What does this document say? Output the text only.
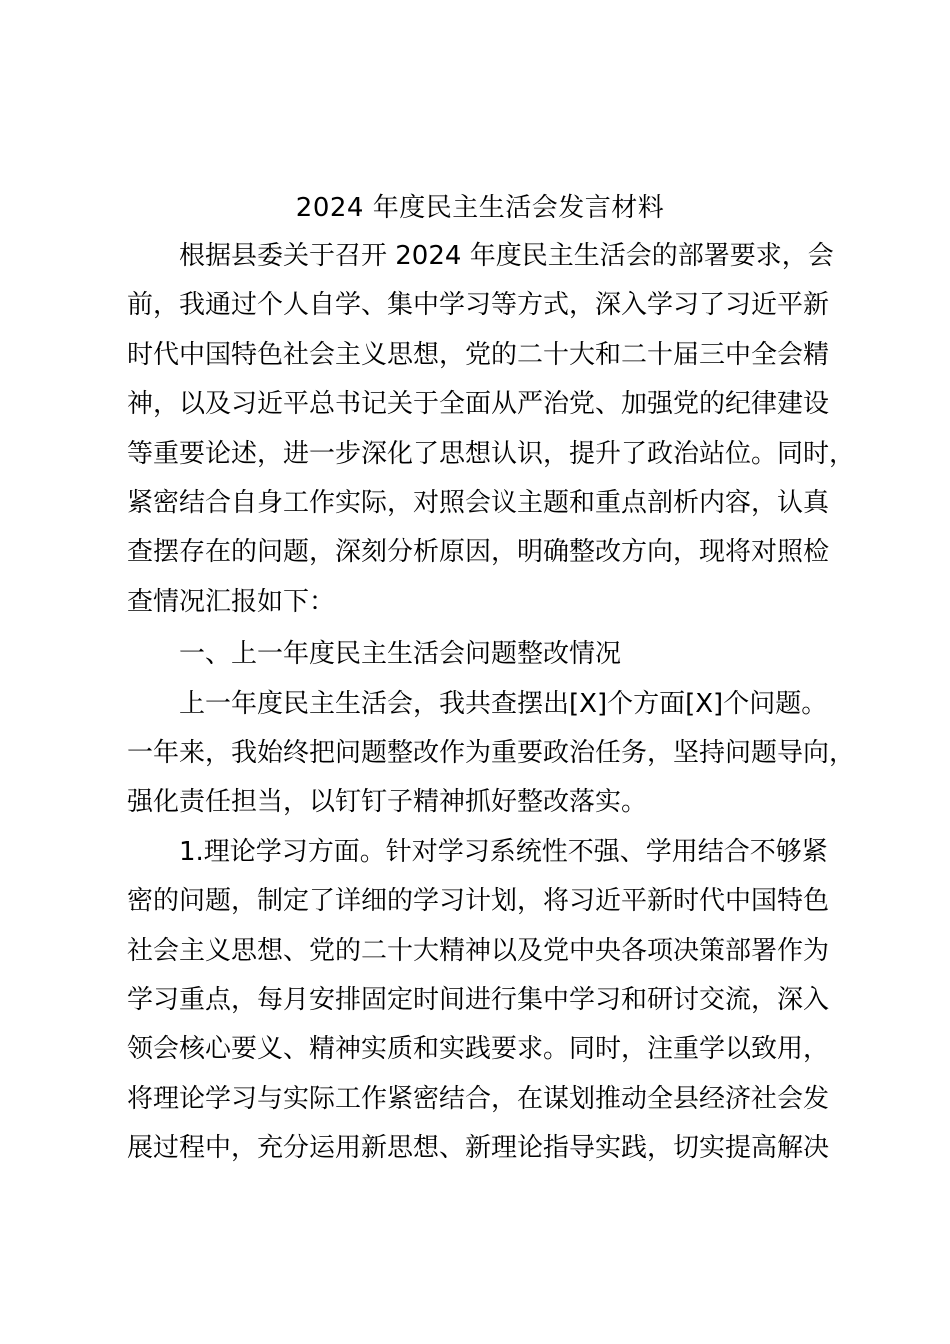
2024 年度民主生活会发言材料
根据县委关于召开 2024 年度民主生活会的部署要求，会
前，我通过个人自学、集中学习等方式，深入学习了习近平新
时代中国特色社会主义思想，党的二十大和二十届三中全会精
神，以及习近平总书记关于全面从严治党、加强党的纪律建设
等重要论述，进一步深化了思想认识，提升了政治站位。同时，
紧密结合自身工作实际，对照会议主题和重点剖析内容，认真
查摆存在的问题，深刻分析原因，明确整改方向，现将对照检
查情况汇报如下：
一、上一年度民主生活会问题整改情况
上一年度民主生活会，我共查摆出[X]个方面[X]个问题。
一年来，我始终把问题整改作为重要政治任务，坚持问题导向，
强化责任担当，以钉钉子精神抓好整改落实。
1.理论学习方面。针对学习系统性不强、学用结合不够紧
密的问题，制定了详细的学习计划，将习近平新时代中国特色
社会主义思想、党的二十大精神以及党中央各项决策部署作为
学习重点，每月安排固定时间进行集中学习和研讨交流，深入
领会核心要义、精神实质和实践要求。同时，注重学以致用，
将理论学习与实际工作紧密结合，在谋划推动全县经济社会发
展过程中，充分运用新思想、新理论指导实践，切实提高解决
